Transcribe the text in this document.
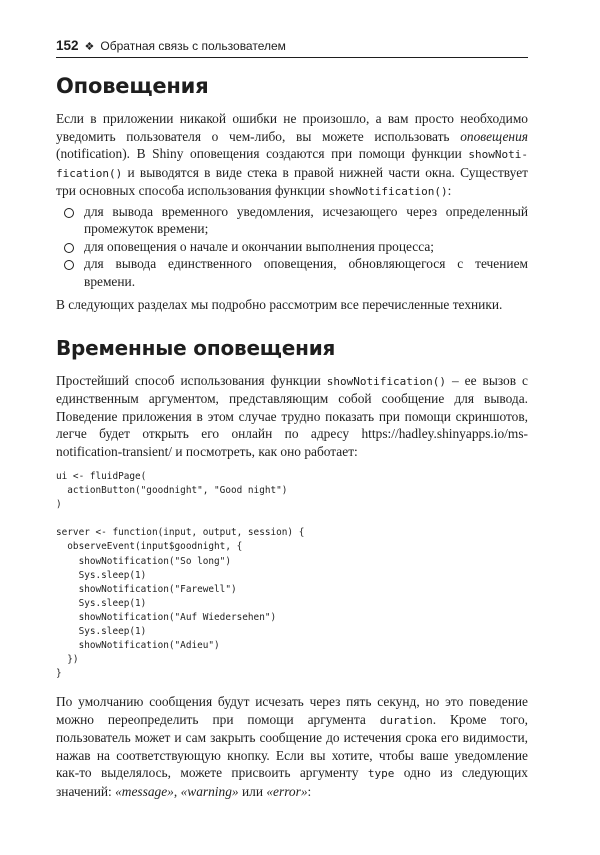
152 ❖ Обратная связь с пользователем
Оповещения

Если в приложении никакой ошибки не произошло, а вам просто необходимо уведомить пользователя о чем-либо, вы можете использовать оповещения (notification). В Shiny оповещения создаются при помощи функции showNotification() и выводятся в виде стека в правой нижней части окна. Существует три основных способа использования функции showNotification():

для вывода временного уведомления, исчезающего через определенный промежуток времени;
для оповещения о начале и окончании выполнения процесса;
для вывода единственного оповещения, обновляющегося с течением времени.

В следующих разделах мы подробно рассмотрим все перечисленные техники.

Временные оповещения

Простейший способ использования функции showNotification() – ее вызов с единственным аргументом, представляющим собой сообщение для вывода. Поведение приложения в этом случае трудно показать при помощи скриншотов, легче будет открыть его онлайн по адресу https://hadley.shinyapps.io/ms-notification-transient/ и посмотреть, как оно работает:

ui <- fluidPage(
actionButton("goodnight", "Good night")
)

server <- function(input, output, session) {
observeEvent(input$goodnight, {
showNotification("So long")
Sys.sleep(1)
showNotification("Farewell")
Sys.sleep(1)
showNotification("Auf Wiedersehen")
Sys.sleep(1)
showNotification("Adieu")
})
}

По умолчанию сообщения будут исчезать через пять секунд, но это поведение можно переопределить при помощи аргумента duration. Кроме того, пользователь может и сам закрыть сообщение до истечения срока его видимости, нажав на соответствующую кнопку. Если вы хотите, чтобы ваше уведомление как-то выделялось, можете присвоить аргументу type одно из следующих значений: «message», «warning» или «error»:
